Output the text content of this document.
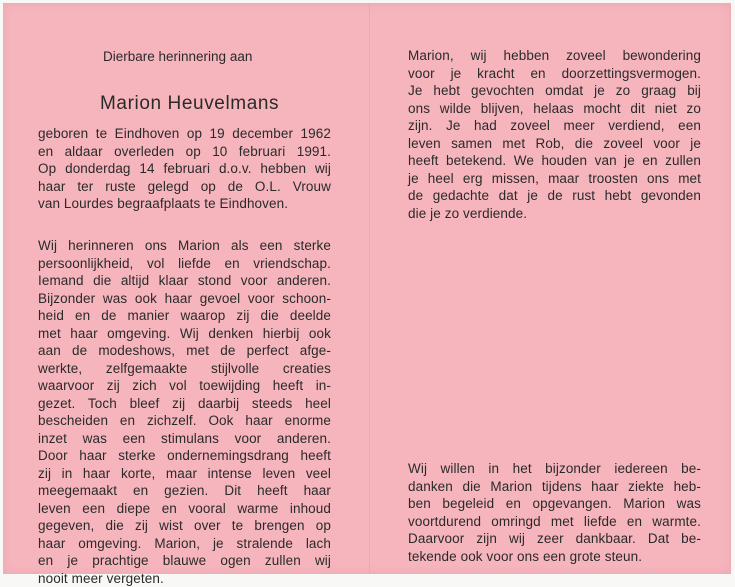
Dierbare herinnering aan
Marion Heuvelmans
geboren te Eindhoven op 19 december 1962
en aldaar overleden op 10 februari 1991.
Op donderdag 14 februari d.o.v. hebben wij
haar ter ruste gelegd op de O.L. Vrouw
van Lourdes begraafplaats te Eindhoven.
Wij herinneren ons Marion als een sterke
persoonlijkheid, vol liefde en vriendschap.
Iemand die altijd klaar stond voor anderen.
Bijzonder was ook haar gevoel voor schoon-
heid en de manier waarop zij die deelde
met haar omgeving. Wij denken hierbij ook
aan de modeshows, met de perfect afge-
werkte, zelfgemaakte stijlvolle creaties
waarvoor zij zich vol toewijding heeft in-
gezet. Toch bleef zij daarbij steeds heel
bescheiden en zichzelf. Ook haar enorme
inzet was een stimulans voor anderen.
Door haar sterke ondernemingsdrang heeft
zij in haar korte, maar intense leven veel
meegemaakt en gezien. Dit heeft haar
leven een diepe en vooral warme inhoud
gegeven, die zij wist over te brengen op
haar omgeving. Marion, je stralende lach
en je prachtige blauwe ogen zullen wij
nooit meer vergeten.
Marion, wij hebben zoveel bewondering
voor je kracht en doorzettingsvermogen.
Je hebt gevochten omdat je zo graag bij
ons wilde blijven, helaas mocht dit niet zo
zijn. Je had zoveel meer verdiend, een
leven samen met Rob, die zoveel voor je
heeft betekend. We houden van je en zullen
je heel erg missen, maar troosten ons met
de gedachte dat je de rust hebt gevonden
die je zo verdiende.
Wij willen in het bijzonder iedereen be-
danken die Marion tijdens haar ziekte heb-
ben begeleid en opgevangen. Marion was
voortdurend omringd met liefde en warmte.
Daarvoor zijn wij zeer dankbaar. Dat be-
tekende ook voor ons een grote steun.
